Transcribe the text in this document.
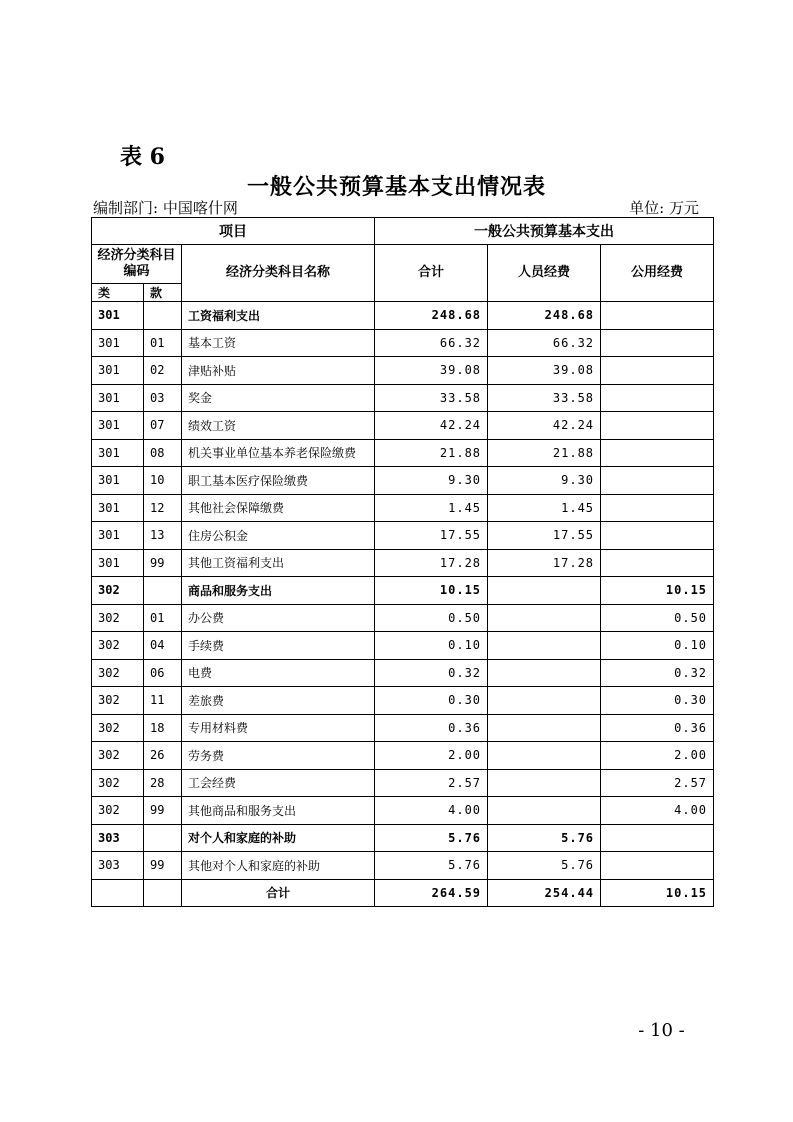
表 6
一般公共预算基本支出情况表
编制部门: 中国喀什网	单位: 万元
项目			一般公共预算基本支出		
经济分类科目编码		经济分类科目名称	合计	人员经费	公用经费
类	款				
301		工资福利支出	248.68	248.68	
301	01	基本工资	66.32	66.32	
301	02	津贴补贴	39.08	39.08	
301	03	奖金	33.58	33.58	
301	07	绩效工资	42.24	42.24	
301	08	机关事业单位基本养老保险缴费	21.88	21.88	
301	10	职工基本医疗保险缴费	9.30	9.30	
301	12	其他社会保障缴费	1.45	1.45	
301	13	住房公积金	17.55	17.55	
301	99	其他工资福利支出	17.28	17.28	
302		商品和服务支出	10.15		10.15
302	01	办公费	0.50		0.50
302	04	手续费	0.10		0.10
302	06	电费	0.32		0.32
302	11	差旅费	0.30		0.30
302	18	专用材料费	0.36		0.36
302	26	劳务费	2.00		2.00
302	28	工会经费	2.57		2.57
302	99	其他商品和服务支出	4.00		4.00
303		对个人和家庭的补助	5.76	5.76	
303	99	其他对个人和家庭的补助	5.76	5.76	
		合计	264.59	254.44	10.15
- 10 -
